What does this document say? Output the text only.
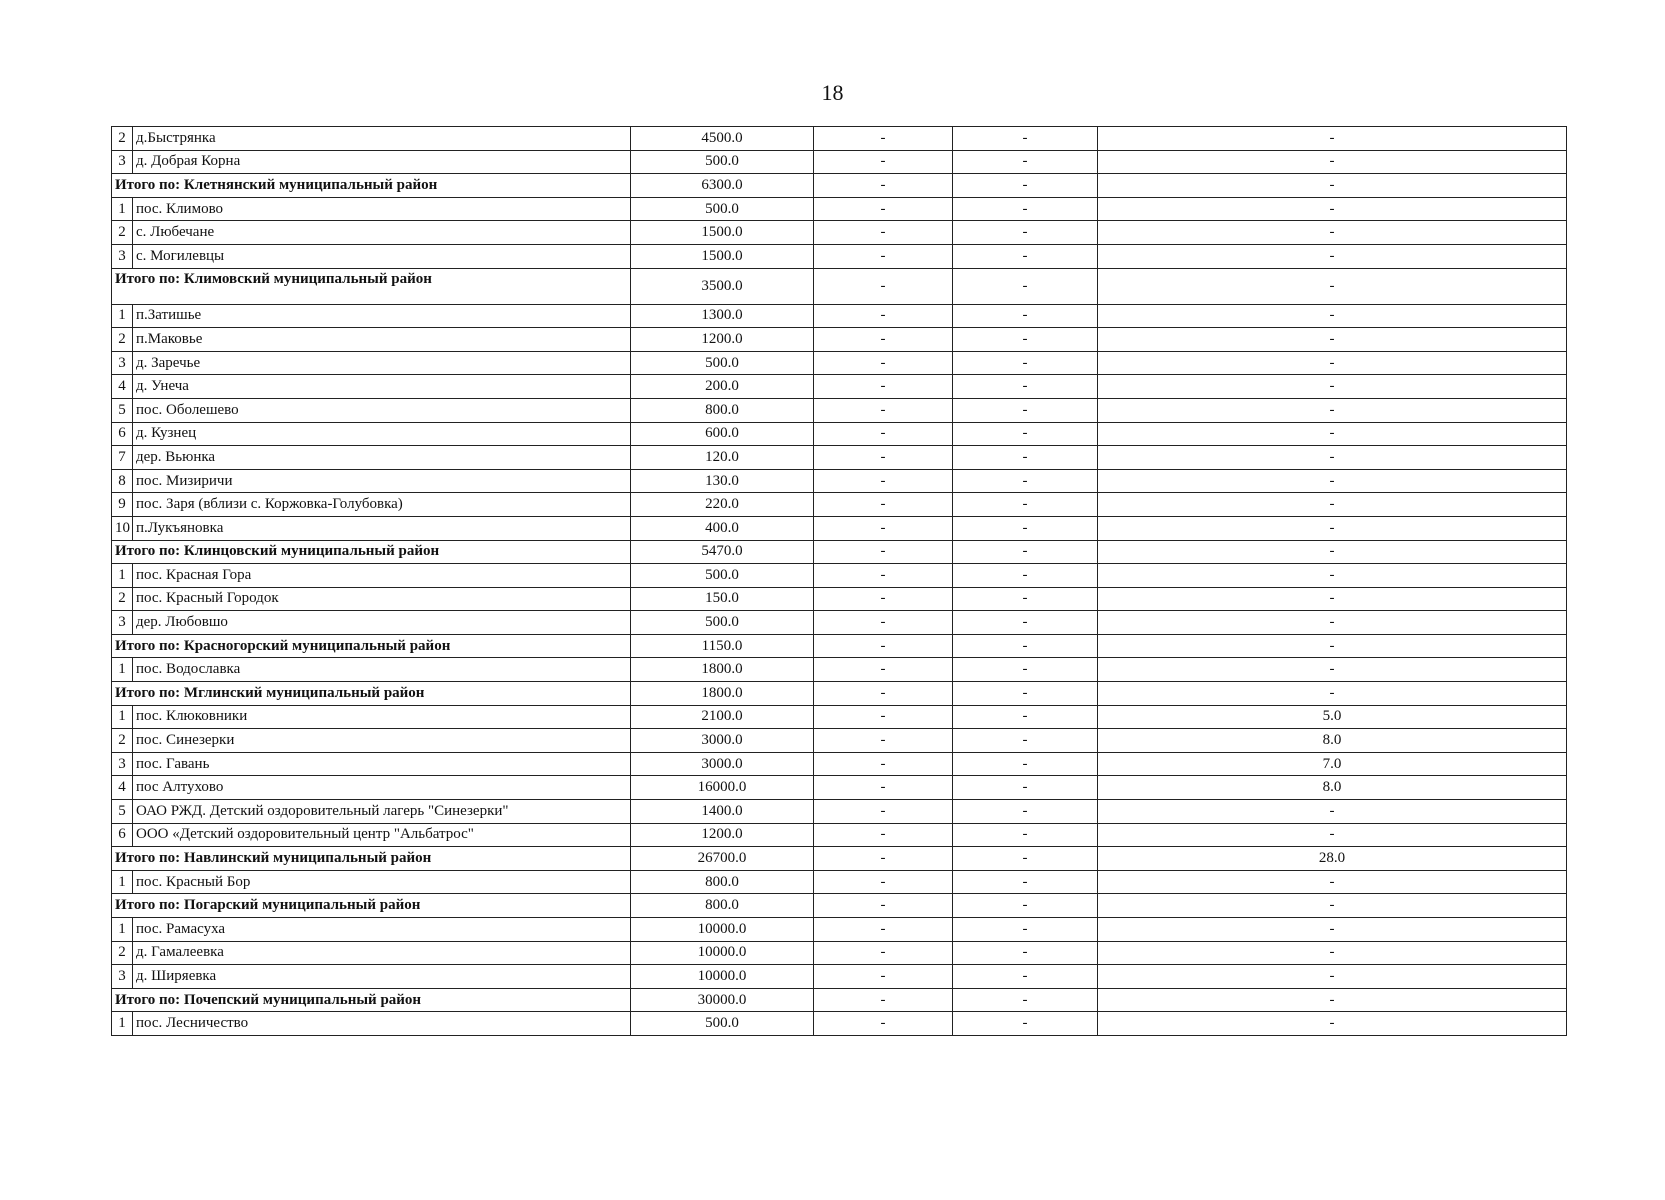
18
2	д.Быстрянка	4500.0	-	-	-
3	д. Добрая Корна	500.0	-	-	-
Итого по: Клетнянский муниципальный район		6300.0	-	-	-
1	пос. Климово	500.0	-	-	-
2	с. Любечане	1500.0	-	-	-
3	с. Могилевцы	1500.0	-	-	-
Итого по: Климовский муниципальный район		3500.0	-	-	-
1	п.Затишье	1300.0	-	-	-
2	п.Маковье	1200.0	-	-	-
3	д. Заречье	500.0	-	-	-
4	д. Унеча	200.0	-	-	-
5	пос. Оболешево	800.0	-	-	-
6	д. Кузнец	600.0	-	-	-
7	дер. Вьюнка	120.0	-	-	-
8	пос. Мизиричи	130.0	-	-	-
9	пос. Заря (вблизи с. Коржовка-Голубовка)	220.0	-	-	-
10	п.Лукъяновка	400.0	-	-	-
Итого по: Клинцовский муниципальный район		5470.0	-	-	-
1	пос. Красная Гора	500.0	-	-	-
2	пос. Красный Городок	150.0	-	-	-
3	дер. Любовшо	500.0	-	-	-
Итого по: Красногорский муниципальный район		1150.0	-	-	-
1	пос. Водославка	1800.0	-	-	-
Итого по: Мглинский муниципальный район		1800.0	-	-	-
1	пос. Клюковники	2100.0	-	-	5.0
2	пос. Синезерки	3000.0	-	-	8.0
3	пос. Гавань	3000.0	-	-	7.0
4	пос Алтухово	16000.0	-	-	8.0
5	ОАО РЖД. Детский оздоровительный лагерь "Синезерки"	1400.0	-	-	-
6	ООО «Детский оздоровительный центр "Альбатрос"	1200.0	-	-	-
Итого по: Навлинский муниципальный район		26700.0	-	-	28.0
1	пос. Красный Бор	800.0	-	-	-
Итого по: Погарский муниципальный район		800.0	-	-	-
1	пос. Рамасуха	10000.0	-	-	-
2	д. Гамалеевка	10000.0	-	-	-
3	д. Ширяевка	10000.0	-	-	-
Итого по: Почепский муниципальный район		30000.0	-	-	-
1	пос. Лесничество	500.0	-	-	-
